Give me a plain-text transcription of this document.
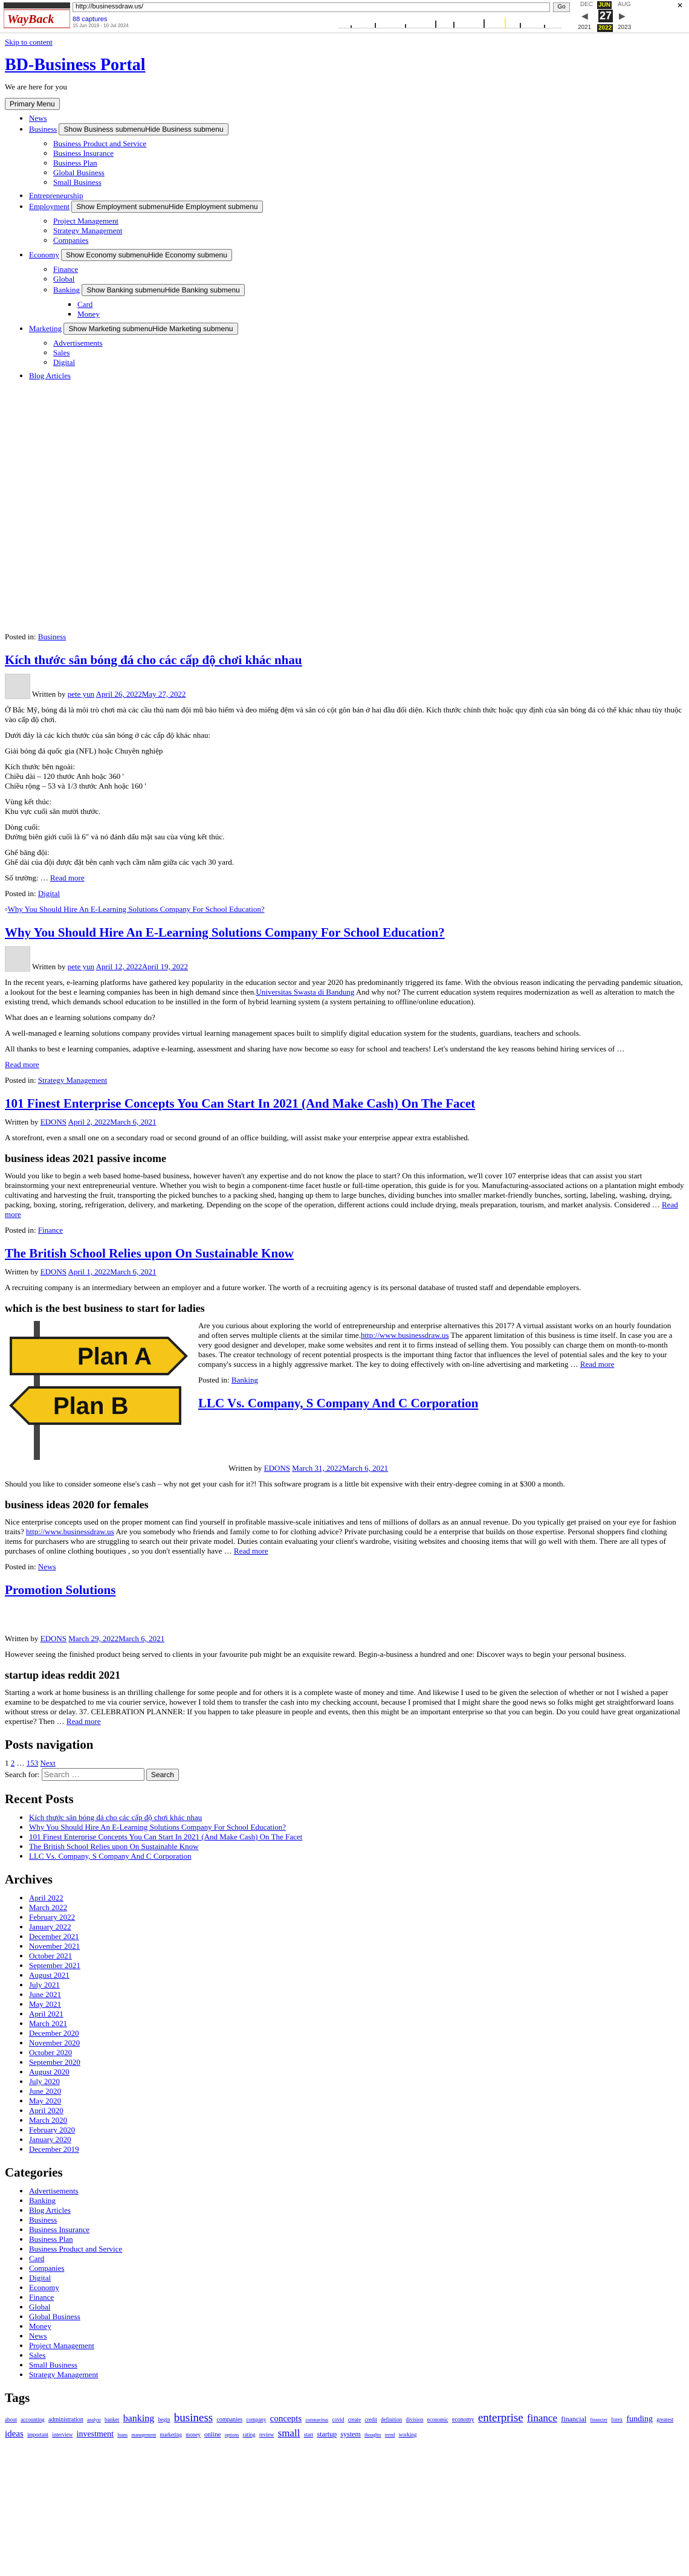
WayBack
http://businessdraw.us/	Go
88 captures
15 Jun 2019 - 10 Jul 2024
DEC JUN AUG
◀ 27 ▶
2021 2022 2023
✕
Skip to content
BD-Business Portal

We are here for you

Primary Menu
• News
• Business Show Business submenuHide Business submenu
◦ Business Product and Service
◦ Business Insurance
◦ Business Plan
◦ Global Business
◦ Small Business
• Entrepreneurship
• Employment Show Employment submenuHide Employment submenu
◦ Project Management
◦ Strategy Management
◦ Companies
• Economy Show Economy submenuHide Economy submenu
◦ Finance
◦ Global
◦ Banking Show Banking submenuHide Banking submenu
▪ Card
▪ Money
• Marketing Show Marketing submenuHide Marketing submenu
◦ Advertisements
◦ Sales
◦ Digital
• Blog Articles

Posted in: Business

Kích thước sân bóng đá cho các cấp độ chơi khác nhau
Written by pete yun April 26, 2022May 27, 2022

Ở Bắc Mỹ, bóng đá là môi trò chơi mà các cầu thủ nam đội mũ bảo hiểm và đeo miếng đệm và sân có cột gôn bán ở hai đầu đối diện. Kích thước chính thức hoặc quy định của sân bóng đá có thể khác nhau tùy thuộc vào cấp độ chơi.

Dưới đây là các kích thước của sân bóng ở các cấp độ khác nhau:

Giải bóng đá quốc gia (NFL) hoặc Chuyên nghiệp

Kích thước bên ngoài:
Chiều dài – 120 thước Anh hoặc 360 '
Chiều rộng – 53 và 1/3 thước Anh hoặc 160 '

Vùng kết thúc:
Khu vực cuối sân mười thước.

Dòng cuối:
Đường biên giới cuối là 6″ và nó đánh dấu mặt sau của vùng kết thúc.

Ghế băng đội:
Ghế dài của đội được đặt bên cạnh vạch cầm nằm giữa các vạch 30 yard.

Số trường: … Read more

Posted in: Digital

▫Why You Should Hire An E-Learning Solutions Company For School Education?

Why You Should Hire An E-Learning Solutions Company For School Education?
Written by pete yun April 12, 2022April 19, 2022

In the recent years, e-learning platforms have gathered key popularity in the education sector and year 2020 has predominantly triggered its fame. With the obvious reason indicating the pervading pandemic situation, a lookout for the best e learning companies has been in high demand since then.Universitas Swasta di Bandung And why not? The current education system requires modernization as well as alteration to match the existing trend, which demands school education to be instilled in the form of hybrid learning system (a system pertaining to offline/online education).

What does an e learning solutions company do?

A well-managed e learning solutions company provides virtual learning management spaces built to simplify digital education system for the students, guardians, teachers and schools.

All thanks to best e learning companies, adaptive e-learning, assessment and sharing have now become so easy for school and teachers! Let's understand the key reasons behind hiring services of …

Read more

Posted in: Strategy Management

101 Finest Enterprise Concepts You Can Start In 2021 (And Make Cash) On The Facet

Written by EDONS April 2, 2022March 6, 2021

A storefront, even a small one on a secondary road or second ground of an office building, will assist make your enterprise appear extra established.

business ideas 2021 passive income

Would you like to begin a web based home-based business, however haven't any expertise and do not know the place to start? On this information, we'll cover 107 enterprise ideas that can assist you start brainstorming your next entrepreneurial venture. Whether you wish to begin a component-time facet hustle or full-time operation, this guide is for you. Manufacturing-associated actions on a plantation might embody cultivating and harvesting the fruit, transporting the picked bunches to a packing shed, hanging up them to large bunches, dividing bunches into smaller market-friendly bunches, sorting, labeling, washing, drying, packing, boxing, storing, refrigeration, delivery, and marketing. Depending on the scope of the operation, different actions could include drying, meals preparation, tourism, and market analysis. Considered … Read more

Posted in: Finance

The British School Relies upon On Sustainable Know

Written by EDONS April 1, 2022March 6, 2021

A recruiting company is an intermediary between an employer and a future worker. The worth of a recruiting agency is its personal database of trusted staff and dependable employers.

which is the best business to start for ladies
Plan A
Plan B

Are you curious about exploring the world of entrepreneurship and enterprise alternatives this 2017? A virtual assistant works on an hourly foundation and often serves multiple clients at the similar time.http://www.businessdraw.us The apparent limitation of this business is time itself. In case you are a very good designer and developer, make some websites and rent it to firms instead of selling them. You possibly can charge them on month-to-month bases. The creator technology of recent potential prospects is the important thing factor that influences the level of potential sales and the key to your company's success in a highly aggressive market. The key to doing effectively with on-line advertising and marketing … Read more

Posted in: Banking

LLC Vs. Company, S Company And C Corporation

Written by EDONS March 31, 2022March 6, 2021

Should you like to consider someone else's cash – why not get your cash for it?! This software program is a little bit expensive with their entry-degree coming in at $300 a month.

business ideas 2020 for females

Nice enterprise concepts used on the proper moment can find yourself in profitable massive-scale initiatives and tens of millions of dollars as an annual revenue. Do you typically get praised on your eye for fashion traits? http://www.businessdraw.us Are you somebody who friends and family come to for clothing advice? Private purchasing could be a enterprise that builds on those expertise. Personal shoppers find clothing items for purchasers who are struggling to search out their private model. Duties contain evaluating your client's wardrobe, visiting websites and choosing items that will go well with them. There are all types of purchases of online clothing boutiques , so you don't essentially have … Read more

Posted in: News

Promotion Solutions

Written by EDONS March 29, 2022March 6, 2021

However seeing the finished product being served to clients in your favourite pub might be an exquisite reward. Begin-a-business a hundred and one: Discover ways to begin your personal business.

startup ideas reddit 2021

Starting a work at home business is an thrilling challenge for some people and for others it is a complete waste of money and time. And likewise I used to be given the selection of whether or not I wished a paper examine to be despatched to me via courier service, however I told them to transfer the cash into my checking account, because I promised that I might share the good news so folks might get straightforward loans without stress or delay. 37. CELEBRATION PLANNER: If you happen to take pleasure in people and events, then this might be an important enterprise so that you can begin. Do you could have great organizational expertise? Then … Read more

Posts navigation
1 2 … 153 Next
Search for: Search …	Search
Recent Posts
• Kích thước sân bóng đá cho các cấp độ chơi khác nhau
• Why You Should Hire An E-Learning Solutions Company For School Education?
• 101 Finest Enterprise Concepts You Can Start In 2021 (And Make Cash) On The Facet
• The British School Relies upon On Sustainable Know
• LLC Vs. Company, S Company And C Corporation
Archives
• April 2022
• March 2022
• February 2022
• January 2022
• December 2021
• November 2021
• October 2021
• September 2021
• August 2021
• July 2021
• June 2021
• May 2021
• April 2021
• March 2021
• December 2020
• November 2020
• October 2020
• September 2020
• August 2020
• July 2020
• June 2020
• May 2020
• April 2020
• March 2020
• February 2020
• January 2020
• December 2019
Categories
• Advertisements
• Banking
• Blog Articles
• Business
• Business Insurance
• Business Plan
• Business Product and Service
• Card
• Companies
• Digital
• Economy
• Finance
• Global
• Global Business
• Money
• News
• Project Management
• Sales
• Small Business
• Strategy Management
Tags
about accounting administration analyst banker banking begin business companies company concepts coronavirus covid create credit definition division economic economy enterprise finance financial financier forex funding greatest ideas important interview investment loans management marketing money online options rating review small start startup system thoughts trend working
